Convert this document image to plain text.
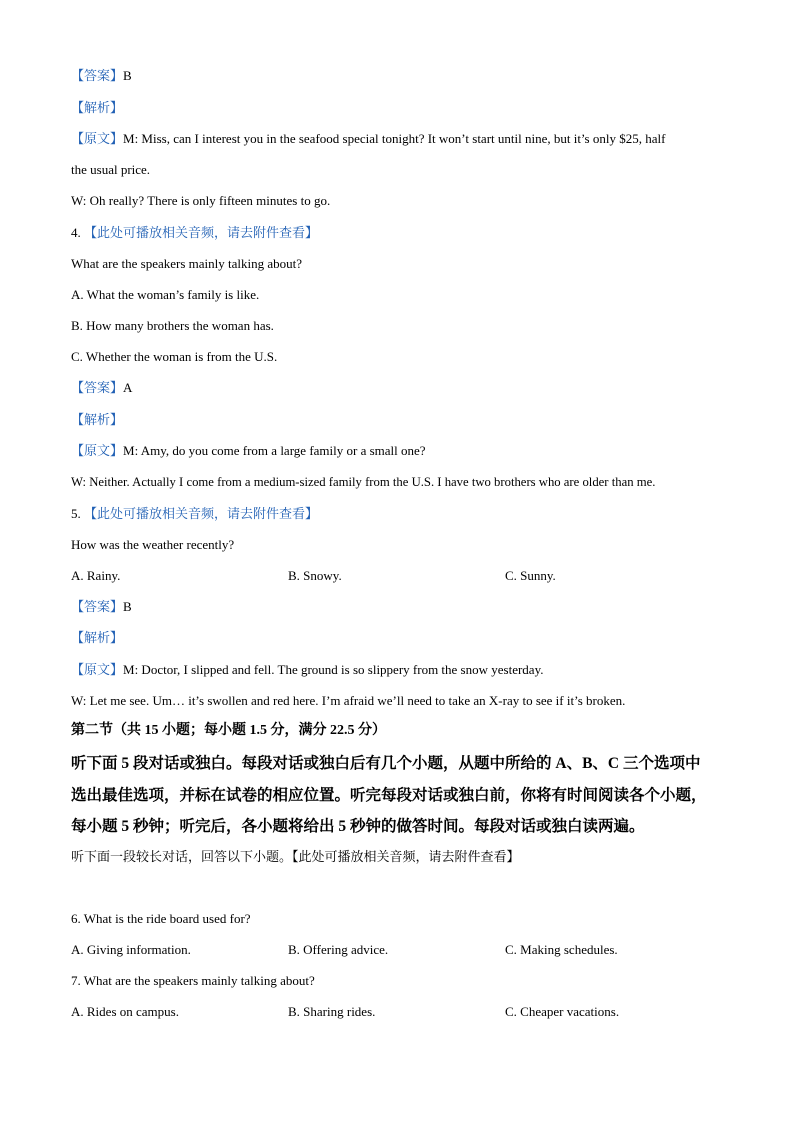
【答案】B
【解析】
【原文】M: Miss, can I interest you in the seafood special tonight? It won’t start until nine, but it’s only $25, half
the usual price.
W: Oh really? There is only fifteen minutes to go.
4. 【此处可播放相关音频，请去附件查看】
What are the speakers mainly talking about?
A. What the woman’s family is like.
B. How many brothers the woman has.
C. Whether the woman is from the U.S.
【答案】A
【解析】
【原文】M: Amy, do you come from a large family or a small one?
W: Neither. Actually I come from a medium-sized family from the U.S. I have two brothers who are older than me.
5. 【此处可播放相关音频，请去附件查看】
How was the weather recently?
A. Rainy.	B. Snowy.	C. Sunny.
【答案】B
【解析】
【原文】M: Doctor, I slipped and fell. The ground is so slippery from the snow yesterday.
W: Let me see. Um… it’s swollen and red here. I’m afraid we’ll need to take an X-ray to see if it’s broken.
第二节（共 15 小题；每小题 1.5 分，满分 22.5 分）
听下面 5 段对话或独白。每段对话或独白后有几个小题，从题中所给的 A、B、C 三个选项中
选出最佳选项，并标在试卷的相应位置。听完每段对话或独白前，你将有时间阅读各个小题，
每小题 5 秒钟；听完后，各小题将给出 5 秒钟的做答时间。每段对话或独白读两遍。
听下面一段较长对话，回答以下小题。【此处可播放相关音频，请去附件查看】
6. What is the ride board used for?
A. Giving information.	B. Offering advice.	C. Making schedules.
7. What are the speakers mainly talking about?
A. Rides on campus.	B. Sharing rides.	C. Cheaper vacations.
